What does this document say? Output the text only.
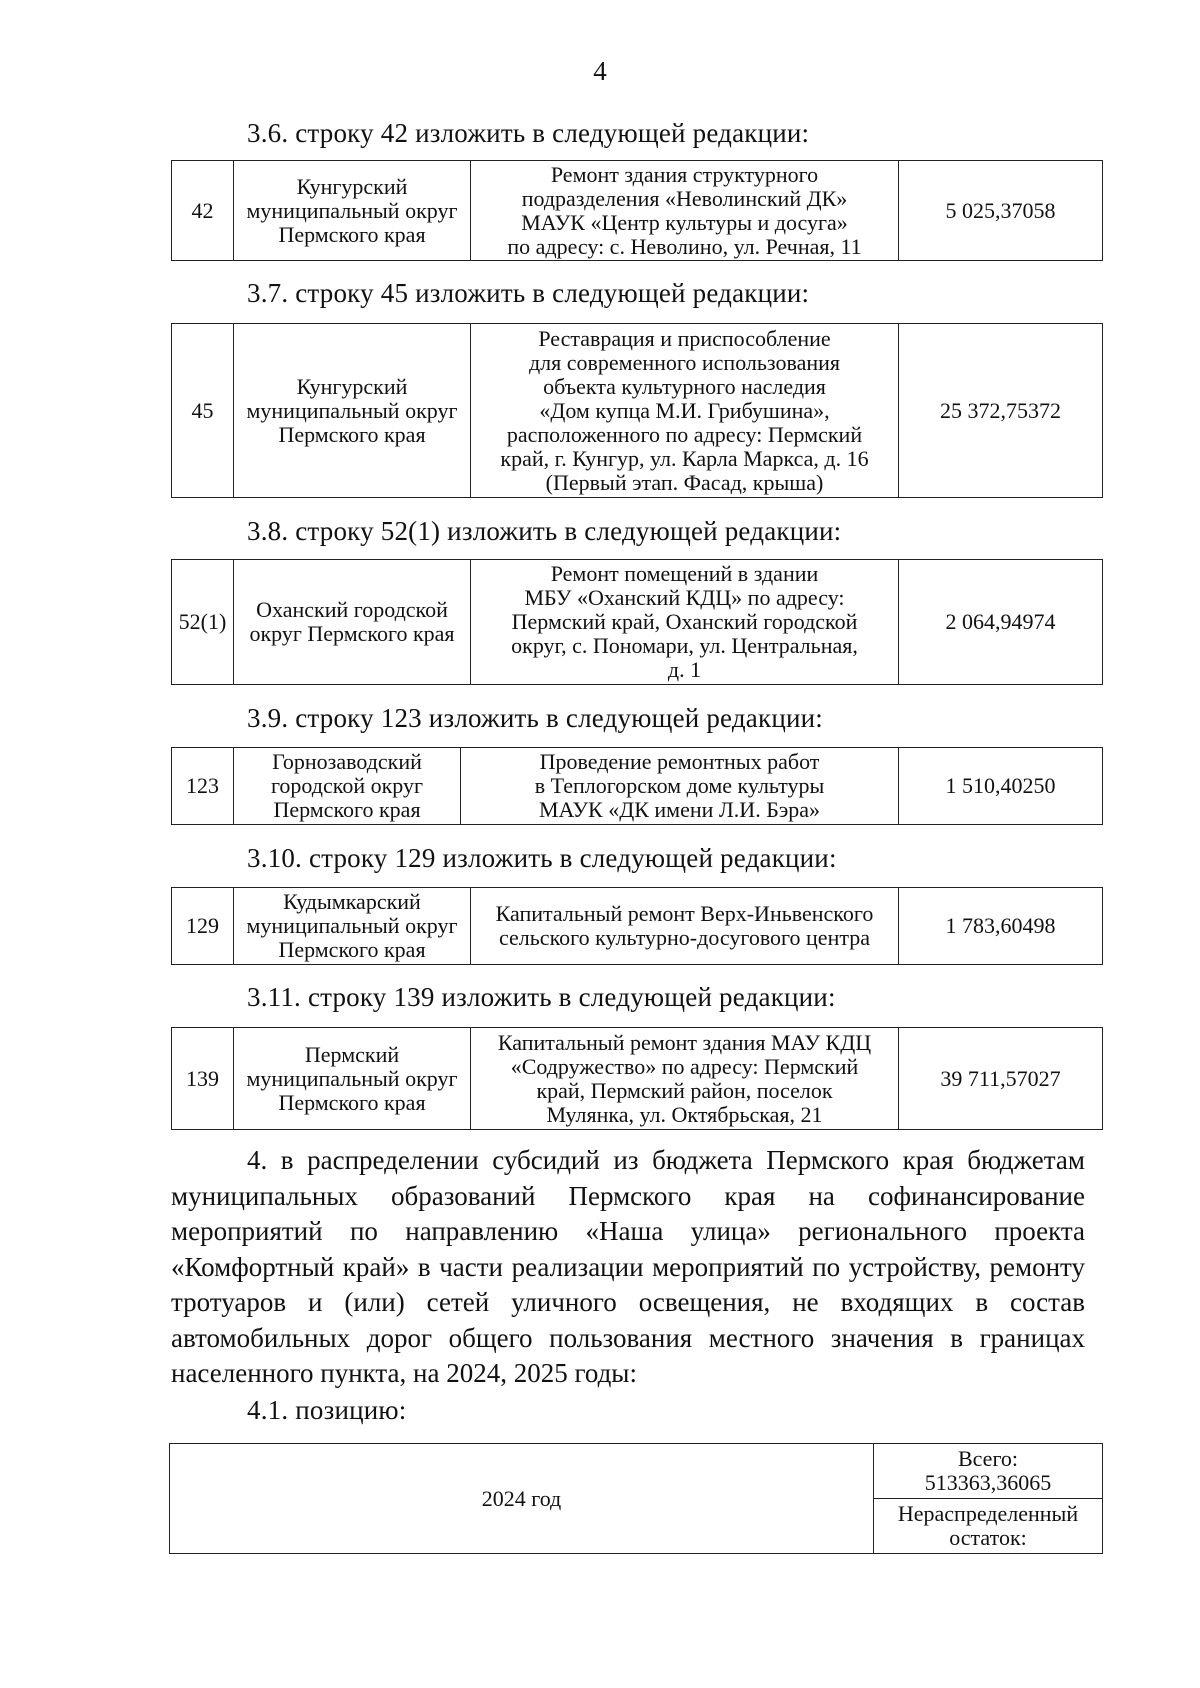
4
3.6. строку 42 изложить в следующей редакции:
42	Кунгурский
муниципальный округ
Пермского края	Ремонт здания структурного
подразделения «Неволинский ДК»
МАУК «Центр культуры и досуга»
по адресу: с. Неволино, ул. Речная, 11	5 025,37058
3.7. строку 45 изложить в следующей редакции:
45	Кунгурский
муниципальный округ
Пермского края	Реставрация и приспособление
для современного использования
объекта культурного наследия
«Дом купца М.И. Грибушина»,
расположенного по адресу: Пермский
край, г. Кунгур, ул. Карла Маркса, д. 16
(Первый этап. Фасад, крыша)	25 372,75372
3.8. строку 52(1) изложить в следующей редакции:
52(1)	Оханский городской
округ Пермского края	Ремонт помещений в здании
МБУ «Оханский КДЦ» по адресу:
Пермский край, Оханский городской
округ, с. Пономари, ул. Центральная,
д. 1	2 064,94974
3.9. строку 123 изложить в следующей редакции:
123	Горнозаводский
городской округ
Пермского края	Проведение ремонтных работ
в Теплогорском доме культуры
МАУК «ДК имени Л.И. Бэра»	1 510,40250
3.10. строку 129 изложить в следующей редакции:
129	Кудымкарский
муниципальный округ
Пермского края	Капитальный ремонт Верх-Иньвенского
сельского культурно-досугового центра	1 783,60498
3.11. строку 139 изложить в следующей редакции:
139	Пермский
муниципальный округ
Пермского края	Капитальный ремонт здания МАУ КДЦ
«Содружество» по адресу: Пермский
край, Пермский район, поселок
Мулянка, ул. Октябрьская, 21	39 711,57027
4. в распределении субсидий из бюджета Пермского края бюджетам муниципальных образований Пермского края на софинансирование мероприятий по направлению «Наша улица» регионального проекта «Комфортный край» в части реализации мероприятий по устройству, ремонту тротуаров и (или) сетей уличного освещения, не входящих в состав автомобильных дорог общего пользования местного значения в границах населенного пункта, на 2024, 2025 годы:
4.1. позицию:
2024 год	Всего:
513363,36065
Нераспределенный
остаток:
